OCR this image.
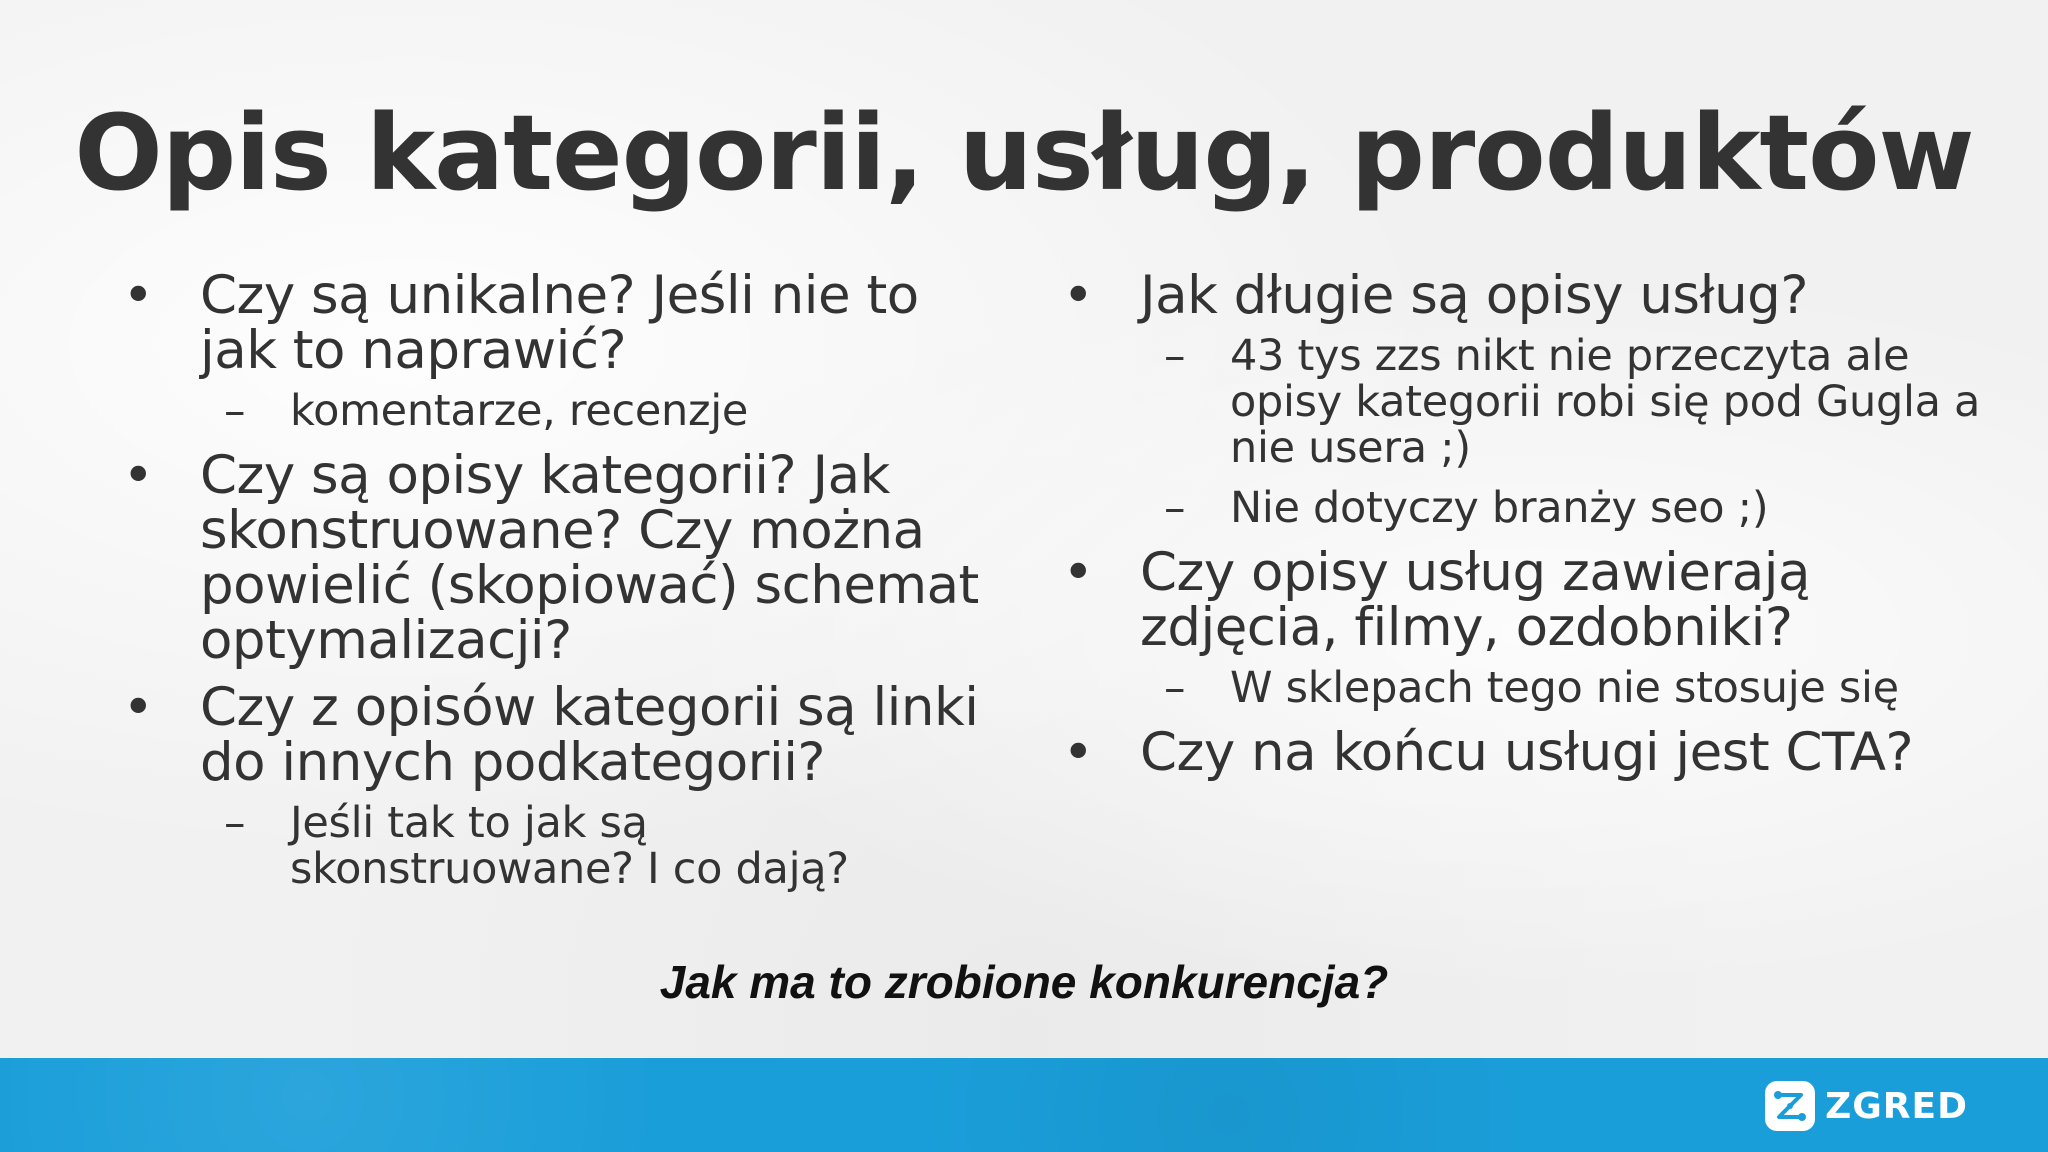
Opis kategorii, usług, produktów
• Czy są unikalne? Jeśli nie to jak to naprawić?
– komentarze, recenzje
• Czy są opisy kategorii? Jak skonstruowane? Czy można powielić (skopiować) schemat optymalizacji?
• Czy z opisów kategorii są linki do innych podkategorii?
– Jeśli tak to jak są skonstruowane? I co dają?
• Jak długie są opisy usług?
– 43 tys zzs nikt nie przeczyta ale opisy kategorii robi się pod Gugla a nie usera ;)
– Nie dotyczy branży seo ;)
• Czy opisy usług zawierają zdjęcia, filmy, ozdobniki?
– W sklepach tego nie stosuje się
• Czy na końcu usługi jest CTA?
Jak ma to zrobione konkurencja?
ZGRED
